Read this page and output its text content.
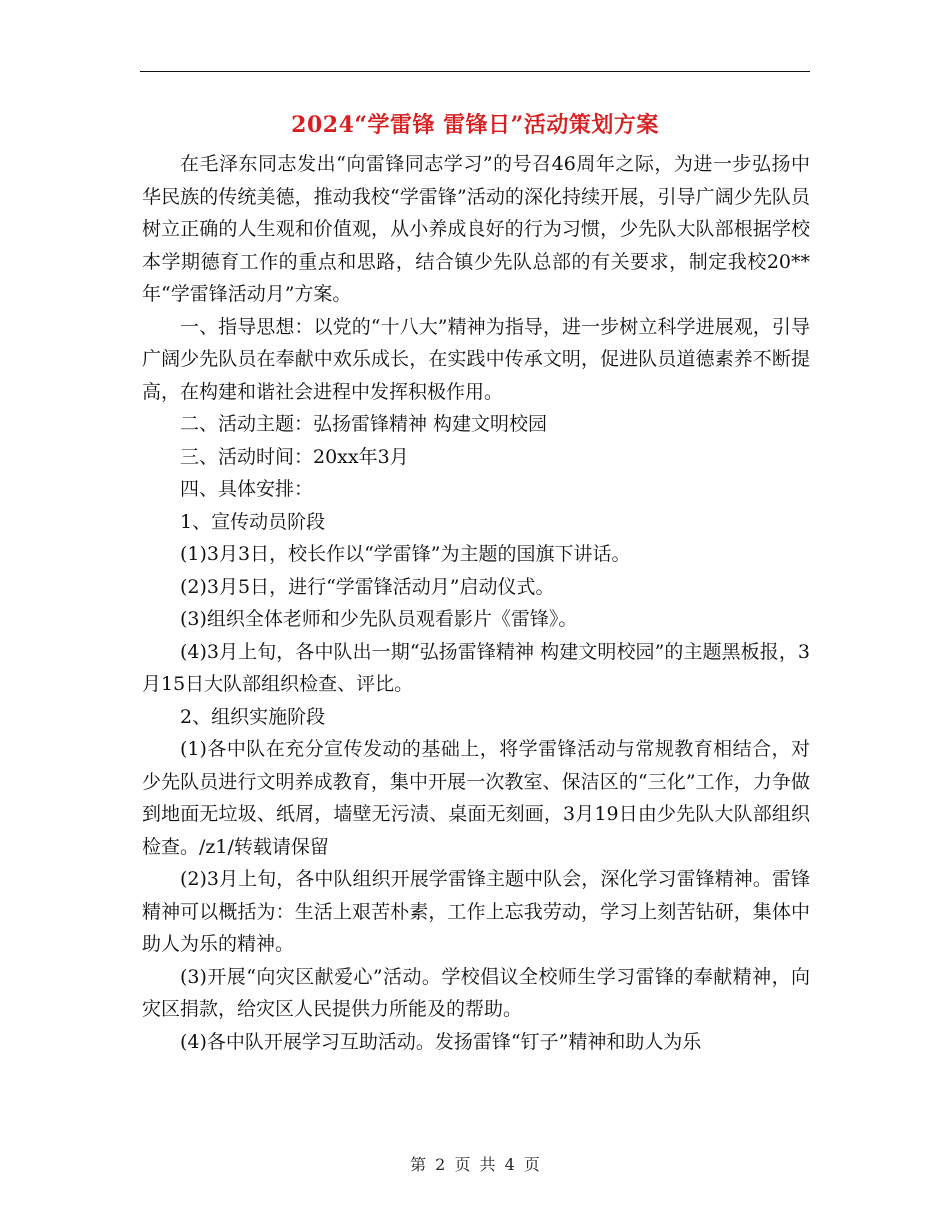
2024“学雷锋 雷锋日”活动策划方案

在毛泽东同志发出“向雷锋同志学习”的号召46周年之际，为进一步弘扬中华民族的传统美德，推动我校“学雷锋”活动的深化持续开展，引导广阔少先队员树立正确的人生观和价值观，从小养成良好的行为习惯，少先队大队部根据学校本学期德育工作的重点和思路，结合镇少先队总部的有关要求，制定我校20**年“学雷锋活动月”方案。

一、指导思想：以党的“十八大”精神为指导，进一步树立科学进展观，引导广阔少先队员在奉献中欢乐成长，在实践中传承文明，促进队员道德素养不断提高，在构建和谐社会进程中发挥积极作用。

二、活动主题：弘扬雷锋精神 构建文明校园

三、活动时间：20xx年3月

四、具体安排：

1、宣传动员阶段

(1)3月3日，校长作以“学雷锋”为主题的国旗下讲话。

(2)3月5日，进行“学雷锋活动月”启动仪式。

(3)组织全体老师和少先队员观看影片《雷锋》。

(4)3月上旬，各中队出一期“弘扬雷锋精神 构建文明校园”的主题黑板报，3月15日大队部组织检查、评比。

2、组织实施阶段

(1)各中队在充分宣传发动的基础上，将学雷锋活动与常规教育相结合，对少先队员进行文明养成教育，集中开展一次教室、保洁区的“三化”工作，力争做到地面无垃圾、纸屑，墙壁无污渍、桌面无刻画，3月19日由少先队大队部组织检查。/z1/转载请保留

(2)3月上旬，各中队组织开展学雷锋主题中队会，深化学习雷锋精神。雷锋精神可以概括为：生活上艰苦朴素，工作上忘我劳动，学习上刻苦钻研，集体中助人为乐的精神。

(3)开展“向灾区献爱心”活动。学校倡议全校师生学习雷锋的奉献精神，向灾区捐款，给灾区人民提供力所能及的帮助。

(4)各中队开展学习互助活动。发扬雷锋“钉子”精神和助人为乐

第 2 页 共 4 页
